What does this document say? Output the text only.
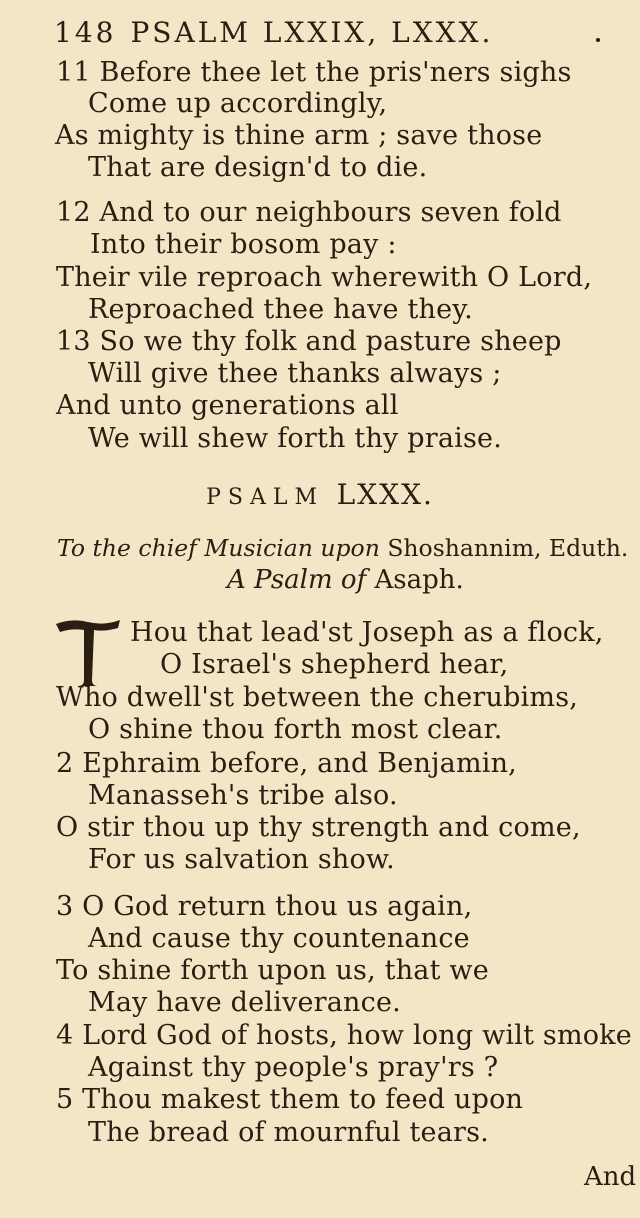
148 PSALM LXXIX, LXXX.
11 Before thee let the pris'ners sighs
Come up accordingly,
As mighty is thine arm ; save those
That are design'd to die.
12 And to our neighbours seven fold
Into their bosom pay :
Their vile reproach wherewith O Lord,
Reproached thee have they.
13 So we thy folk and pasture sheep
Will give thee thanks always ;
And unto generations all
We will shew forth thy praise.
PSALM LXXX.
To the chief Musician upon Shoshannim, Eduth.
A Psalm of Asaph.
Hou that lead'st Joseph as a flock,
O Israel's shepherd hear,
Who dwell'st between the cherubims,
O shine thou forth most clear.
2 Ephraim before, and Benjamin,
Manasseh's tribe also.
O stir thou up thy strength and come,
For us salvation show.
3 O God return thou us again,
And cause thy countenance
To shine forth upon us, that we
May have deliverance.
4 Lord God of hosts, how long wilt smoke
Against thy people's pray'rs ?
5 Thou makest them to feed upon
The bread of mournful tears.
And
